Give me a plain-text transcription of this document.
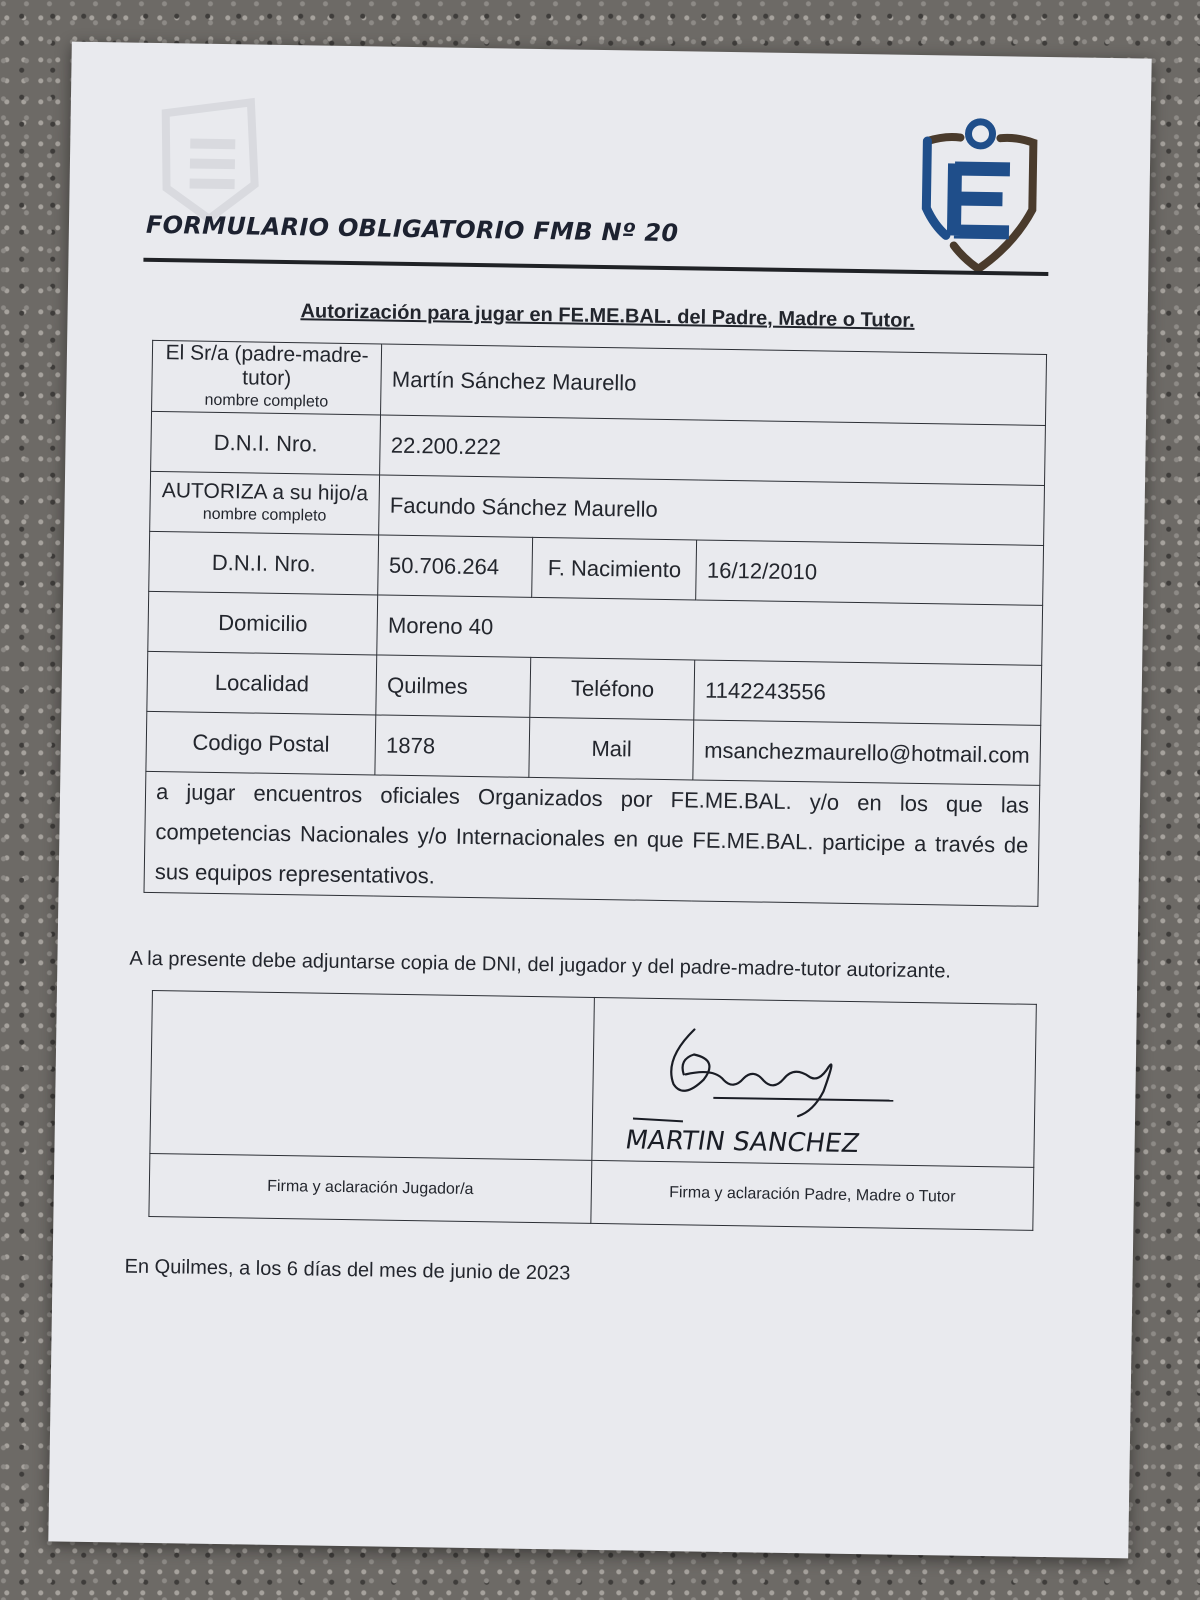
FORMULARIO OBLIGATORIO FMB Nº 20
Autorización para jugar en FE.ME.BAL. del Padre, Madre o Tutor.
El Sr/a (padre-madre-tutor)
nombre completo	Martín Sánchez Maurello		
D.N.I. Nro.	22.200.222		

AUTORIZA a su hijo/a
nombre completo	Facundo Sánchez Maurello		
D.N.I. Nro.	50.706.264	F. Nacimiento	16/12/2010
Domicilio	Moreno 40		
Localidad	Quilmes	Teléfono	1142243556
Codigo Postal	1878	Mail	msanchezmaurello@hotmail.com
a jugar encuentros oficiales Organizados por FE.ME.BAL. y/o en los que las competencias Nacionales y/o Internacionales en que FE.ME.BAL. participe a través de sus equipos representativos.			
A la presente debe adjuntarse copia de DNI, del jugador y del padre-madre-tutor autorizante.

MARTIN SANCHEZ

Firma y aclaración Jugador/a	Firma y aclaración Padre, Madre o Tutor
En Quilmes, a los 6 días del mes de junio de 2023
